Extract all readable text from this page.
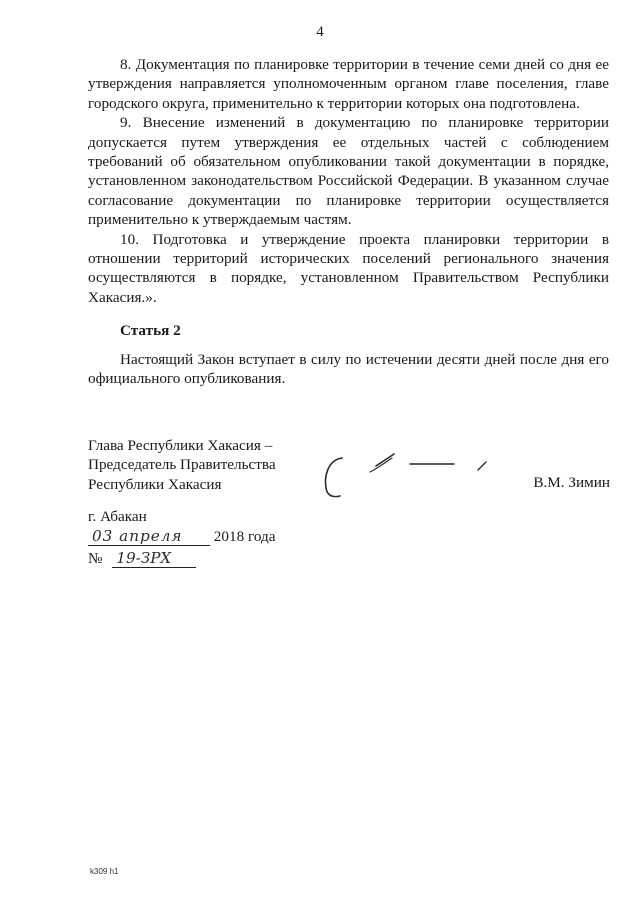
4

8. Документация по планировке территории в течение семи дней со дня ее утверждения направляется уполномоченным органом главе поселения, главе городского округа, применительно к территории которых она подготовлена.

9. Внесение изменений в документацию по планировке территории допускается путем утверждения ее отдельных частей с соблюдением требований об обязательном опубликовании такой документации в порядке, установленном законодательством Российской Федерации. В указанном случае согласование документации по планировке территории осуществляется применительно к утверждаемым частям.

10. Подготовка и утверждение проекта планировки территории в отношении территорий исторических поселений регионального значения осуществляются в порядке, установленном Правительством Республики Хакасия.».

Статья 2

Настоящий Закон вступает в силу по истечении десяти дней после дня его официального опубликования.

Глава Республики Хакасия –
Председатель Правительства
Республики Хакасия	В.М. Зимин
г. Абакан
03 апреля 2018 года
№ 19-ЗРХ
k309 h1
